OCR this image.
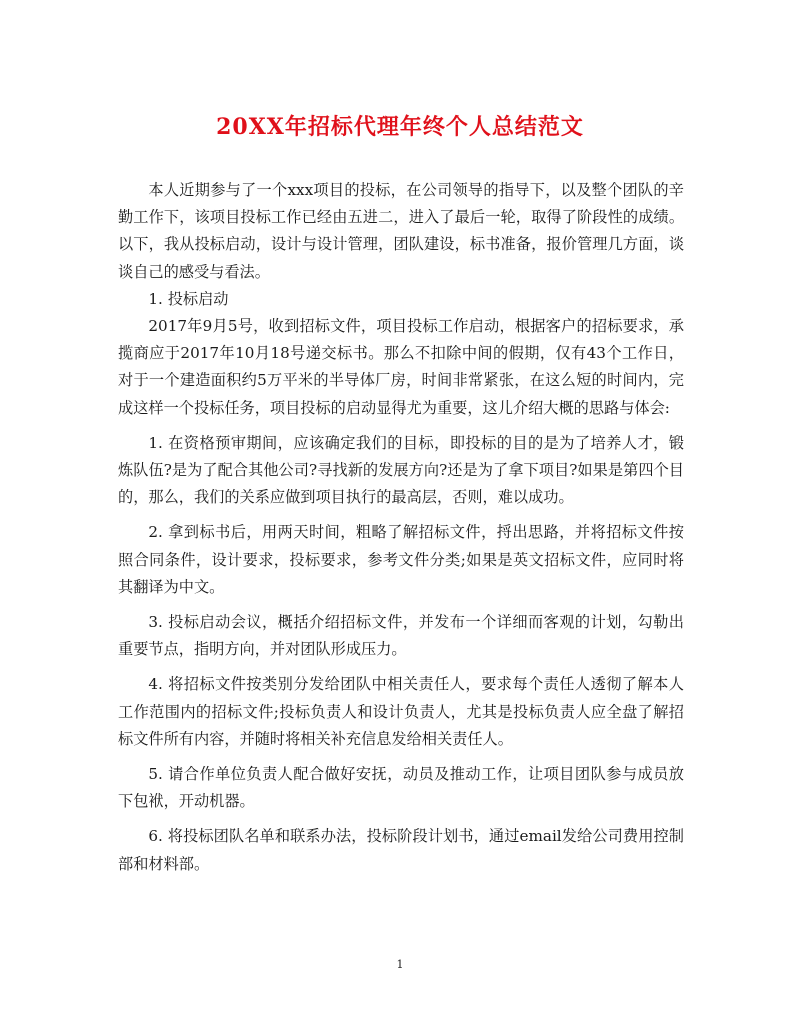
20XX年招标代理年终个人总结范文

本人近期参与了一个xxx项目的投标，在公司领导的指导下，以及整个团队的辛勤工作下，该项目投标工作已经由五进二，进入了最后一轮，取得了阶段性的成绩。以下，我从投标启动，设计与设计管理，团队建设，标书准备，报价管理几方面，谈谈自己的感受与看法。

1. 投标启动

2017年9月5号，收到招标文件，项目投标工作启动，根据客户的招标要求，承揽商应于2017年10月18号递交标书。那么不扣除中间的假期，仅有43个工作日，对于一个建造面积约5万平米的半导体厂房，时间非常紧张，在这么短的时间内，完成这样一个投标任务，项目投标的启动显得尤为重要，这儿介绍大概的思路与体会:

1. 在资格预审期间，应该确定我们的目标，即投标的目的是为了培养人才，锻炼队伍?是为了配合其他公司?寻找新的发展方向?还是为了拿下项目?如果是第四个目的，那么，我们的关系应做到项目执行的最高层，否则，难以成功。

2. 拿到标书后，用两天时间，粗略了解招标文件，捋出思路，并将招标文件按照合同条件，设计要求，投标要求，参考文件分类;如果是英文招标文件，应同时将其翻译为中文。

3. 投标启动会议，概括介绍招标文件，并发布一个详细而客观的计划，勾勒出重要节点，指明方向，并对团队形成压力。

4. 将招标文件按类别分发给团队中相关责任人，要求每个责任人透彻了解本人工作范围内的招标文件;投标负责人和设计负责人，尤其是投标负责人应全盘了解招标文件所有内容，并随时将相关补充信息发给相关责任人。

5. 请合作单位负责人配合做好安抚，动员及推动工作，让项目团队参与成员放下包袱，开动机器。

6. 将投标团队名单和联系办法，投标阶段计划书，通过email发给公司费用控制部和材料部。

1
